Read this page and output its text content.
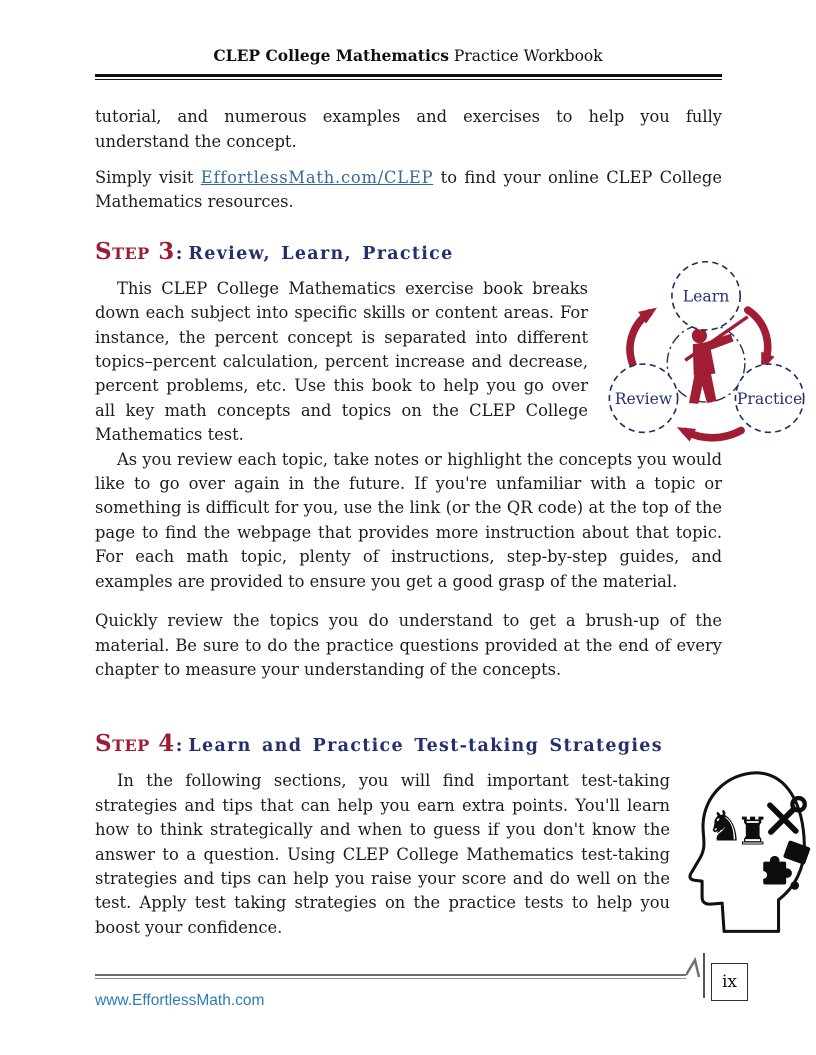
CLEP College Mathematics Practice Workbook

tutorial, and numerous examples and exercises to help you fully understand the concept.

Simply visit EffortlessMath.com/CLEP to find your online CLEP College Mathematics resources.

Step 3: Review, Learn, Practice
Learn
Review	Practice

This CLEP College Mathematics exercise book breaks down each subject into specific skills or content areas. For instance, the percent concept is separated into different topics–percent calculation, percent increase and decrease, percent problems, etc. Use this book to help you go over all key math concepts and topics on the CLEP College Mathematics test.

As you review each topic, take notes or highlight the concepts you would like to go over again in the future. If you're unfamiliar with a topic or something is difficult for you, use the link (or the QR code) at the top of the page to find the webpage that provides more instruction about that topic. For each math topic, plenty of instructions, step-by-step guides, and examples are provided to ensure you get a good grasp of the material.

Quickly review the topics you do understand to get a brush-up of the material. Be sure to do the practice questions provided at the end of every chapter to measure your understanding of the concepts.

Step 4: Learn and Practice Test-taking Strategies
♞
♜

In the following sections, you will find important test-taking strategies and tips that can help you earn extra points. You'll learn how to think strategically and when to guess if you don't know the answer to a question. Using CLEP College Mathematics test-taking strategies and tips can help you raise your score and do well on the test. Apply test taking strategies on the practice tests to help you boost your confidence.

ix
www.EffortlessMath.com
